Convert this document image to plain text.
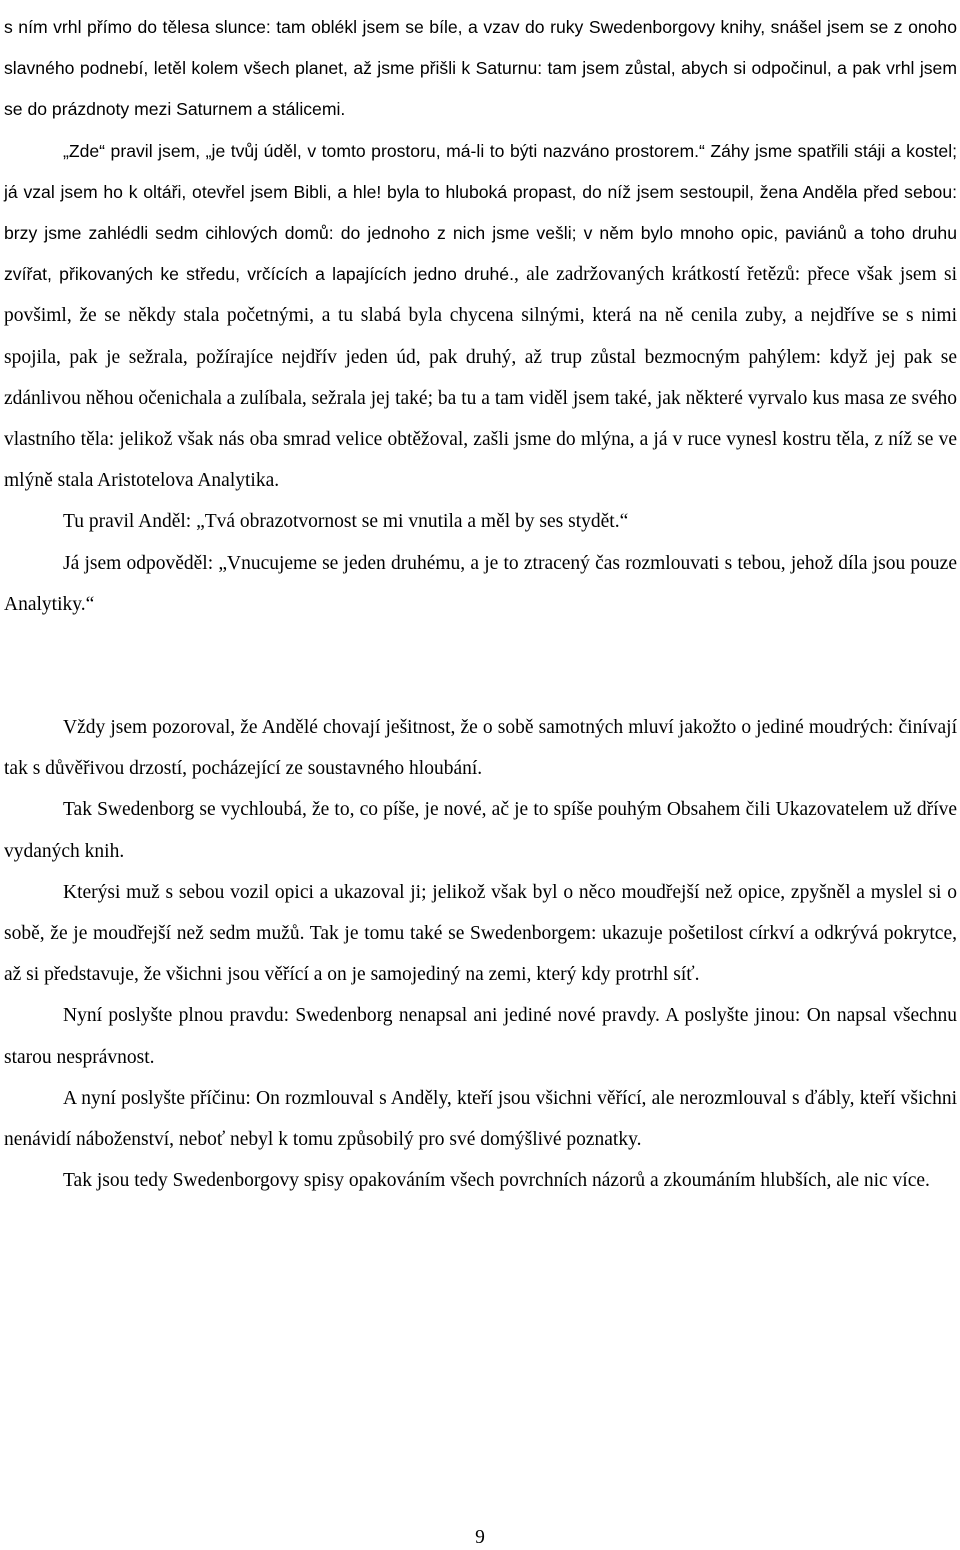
s ním vrhl přímo do tělesa slunce: tam oblékl jsem se bíle, a vzav do ruky Swedenborgovy knihy, snášel jsem se z onoho slavného podnebí, letěl kolem všech planet, až jsme přišli k Saturnu: tam jsem zůstal, abych si odpočinul, a pak vrhl jsem se do prázdnoty mezi Saturnem a stálicemi.

„Zde“ pravil jsem, „je tvůj úděl, v tomto prostoru, má-li to býti nazváno prostorem.“ Záhy jsme spatřili stáji a kostel; já vzal jsem ho k oltáři, otevřel jsem Bibli, a hle! byla to hluboká propast, do níž jsem sestoupil, žena Anděla před sebou: brzy jsme zahlédli sedm cihlových domů: do jednoho z nich jsme vešli; v něm bylo mnoho opic, paviánů a toho druhu zvířat, přikovaných ke středu, vrčících a lapajících jedno druhé., ale zadržovaných krátkostí řetězů: přece však jsem si povšiml, že se někdy stala početnými, a tu slabá byla chycena silnými, která na ně cenila zuby, a nejdříve se s nimi spojila, pak je sežrala, požírajíce nejdřív jeden úd, pak druhý, až trup zůstal bezmocným pahýlem: když jej pak se zdánlivou něhou očenichala a zulíbala, sežrala jej také; ba tu a tam viděl jsem také, jak některé vyrvalo kus masa ze svého vlastního těla: jelikož však nás oba smrad velice obtěžoval, zašli jsme do mlýna, a já v ruce vynesl kostru těla, z níž se ve mlýně stala Aristotelova Analytika.

Tu pravil Anděl: „Tvá obrazotvornost se mi vnutila a měl by ses stydět.“

Já jsem odpověděl: „Vnucujeme se jeden druhému, a je to ztracený čas rozmlouvati s tebou, jehož díla jsou pouze Analytiky.“

Vždy jsem pozoroval, že Andělé chovají ješitnost, že o sobě samotných mluví jakožto o jediné moudrých: činívají tak s důvěřivou drzostí, pocházející ze soustavného hloubání.

Tak Swedenborg se vychloubá, že to, co píše, je nové, ač je to spíše pouhým Obsahem čili Ukazovatelem už dříve vydaných knih.

Kterýsi muž s sebou vozil opici a ukazoval ji; jelikož však byl o něco moudřejší než opice, zpyšněl a myslel si o sobě, že je moudřejší než sedm mužů. Tak je tomu také se Swedenborgem: ukazuje pošetilost církví a odkrývá pokrytce, až si představuje, že všichni jsou věřící a on je samojediný na zemi, který kdy protrhl síť.

Nyní poslyšte plnou pravdu: Swedenborg nenapsal ani jediné nové pravdy. A poslyšte jinou: On napsal všechnu starou nesprávnost.

A nyní poslyšte příčinu: On rozmlouval s Anděly, kteří jsou všichni věřící, ale nerozmlouval s ďábly, kteří všichni nenávidí náboženství, neboť nebyl k tomu způsobilý pro své domýšlivé poznatky.

Tak jsou tedy Swedenborgovy spisy opakováním všech povrchních názorů a zkoumáním hlubších, ale nic více.

9
